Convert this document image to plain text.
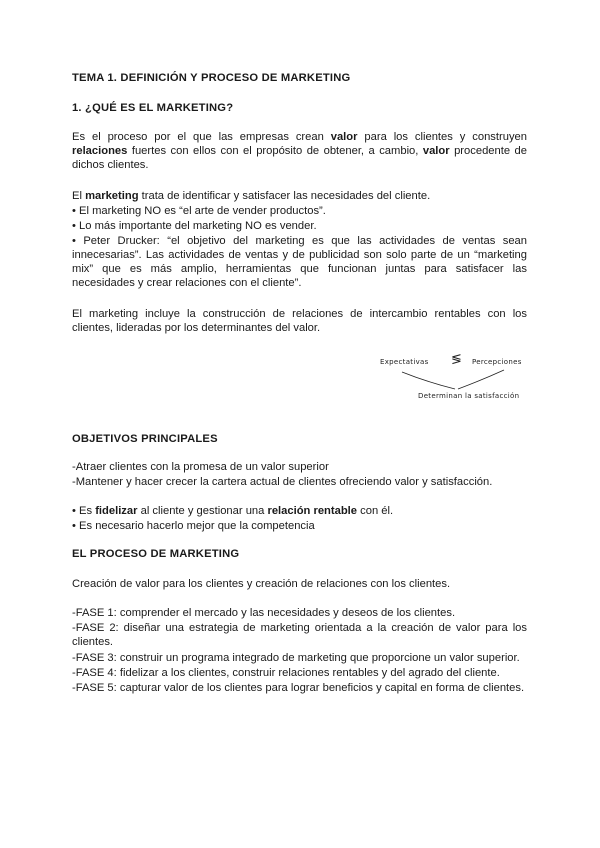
TEMA 1. DEFINICIÓN Y PROCESO DE MARKETING
1. ¿QUÉ ES EL MARKETING?
Es el proceso por el que las empresas crean valor para los clientes y construyen relaciones fuertes con ellos con el propósito de obtener, a cambio, valor procedente de dichos clientes.
El marketing trata de identificar y satisfacer las necesidades del cliente.
• El marketing NO es “el arte de vender productos”.
• Lo más importante del marketing NO es vender.
• Peter Drucker: “el objetivo del marketing es que las actividades de ventas sean innecesarias”. Las actividades de ventas y de publicidad son solo parte de un “marketing mix” que es más amplio, herramientas que funcionan juntas para satisfacer las necesidades y crear relaciones con el cliente”.
El marketing incluye la construcción de relaciones de intercambio rentables con los clientes, lideradas por los determinantes del valor.
Expectativas ≶ Percepciones
Determinan la satisfacción
OBJETIVOS PRINCIPALES
-Atraer clientes con la promesa de un valor superior
-Mantener y hacer crecer la cartera actual de clientes ofreciendo valor y satisfacción.
• Es fidelizar al cliente y gestionar una relación rentable con él.
• Es necesario hacerlo mejor que la competencia
EL PROCESO DE MARKETING
Creación de valor para los clientes y creación de relaciones con los clientes.
-FASE 1: comprender el mercado y las necesidades y deseos de los clientes.
-FASE 2: diseñar una estrategia de marketing orientada a la creación de valor para los clientes.
-FASE 3: construir un programa integrado de marketing que proporcione un valor superior.
-FASE 4: fidelizar a los clientes, construir relaciones rentables y del agrado del cliente.
-FASE 5: capturar valor de los clientes para lograr beneficios y capital en forma de clientes.
